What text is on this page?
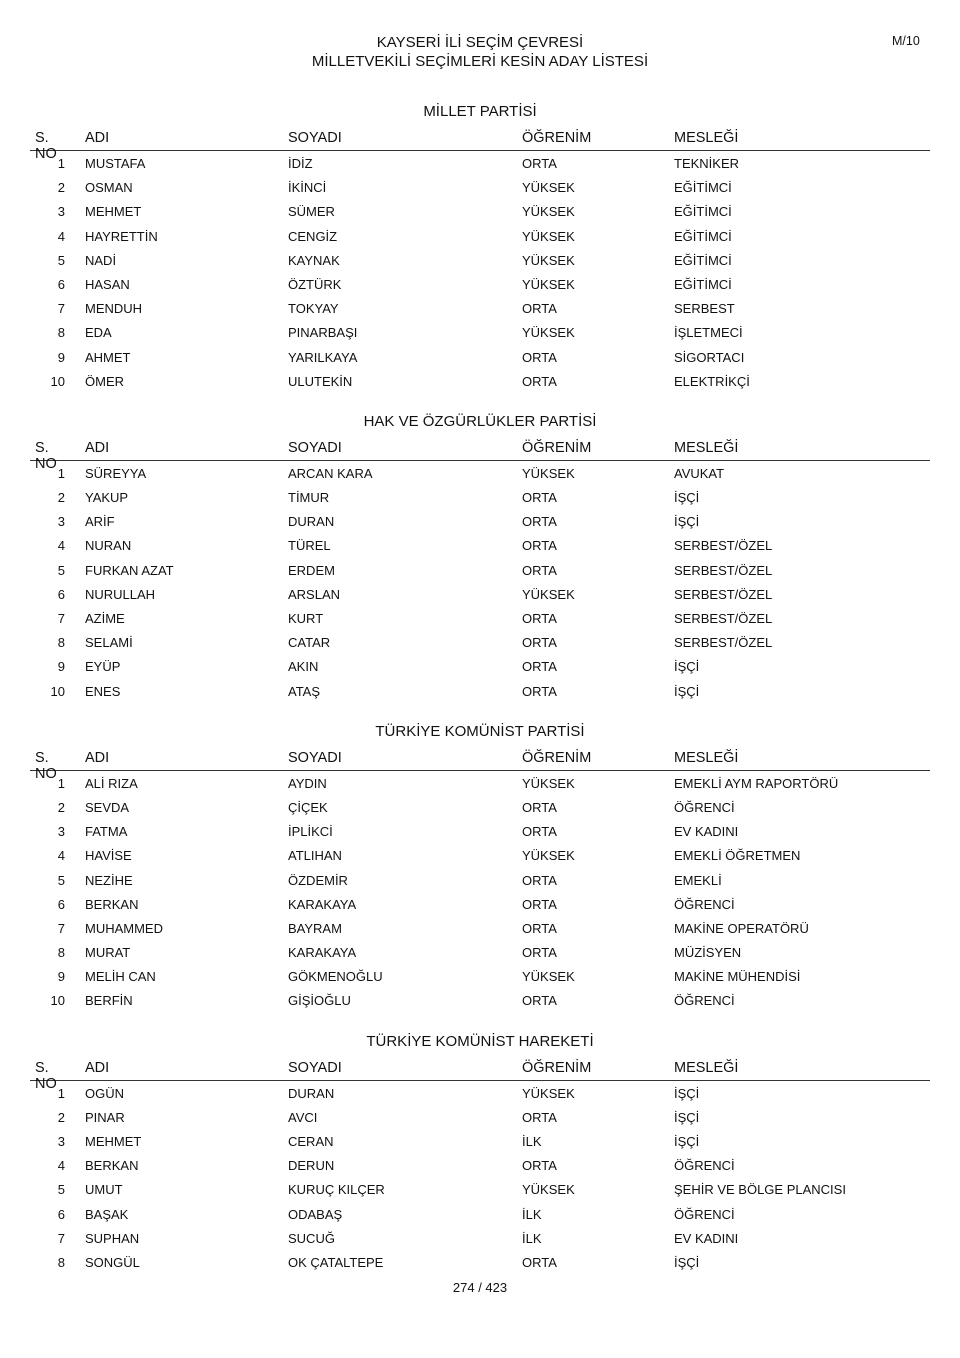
M/10
KAYSERİ İLİ SEÇİM ÇEVRESİ
MİLLETVEKİLİ SEÇİMLERİ KESİN ADAY LİSTESİ
MİLLET PARTİSİ
S. NO
ADI	SOYADI	ÖĞRENİM	MESLEĞİ
1 MUSTAFA	İDİZ	ORTA	TEKNİKER
2 OSMAN	İKİNCİ	YÜKSEK	EĞİTİMCİ
3 MEHMET	SÜMER	YÜKSEK	EĞİTİMCİ
4 HAYRETTİN	CENGİZ	YÜKSEK	EĞİTİMCİ
5 NADİ	KAYNAK	YÜKSEK	EĞİTİMCİ
6 HASAN	ÖZTÜRK	YÜKSEK	EĞİTİMCİ
7 MENDUH	TOKYAY	ORTA	SERBEST
8 EDA	PINARBAŞI	YÜKSEK	İŞLETMECİ
9 AHMET	YARILKAYA	ORTA	SİGORTACI
10 ÖMER	ULUTEKİN	ORTA	ELEKTRİKÇİ
HAK VE ÖZGÜRLÜKLER PARTİSİ
S. NO
ADI	SOYADI	ÖĞRENİM	MESLEĞİ
1 SÜREYYA	ARCAN KARA	YÜKSEK	AVUKAT
2 YAKUP	TİMUR	ORTA	İŞÇİ
3 ARİF	DURAN	ORTA	İŞÇİ
4 NURAN	TÜREL	ORTA	SERBEST/ÖZEL
5 FURKAN AZAT	ERDEM	ORTA	SERBEST/ÖZEL
6 NURULLAH	ARSLAN	YÜKSEK	SERBEST/ÖZEL
7 AZİME	KURT	ORTA	SERBEST/ÖZEL
8 SELAMİ	CATAR	ORTA	SERBEST/ÖZEL
9 EYÜP	AKIN	ORTA	İŞÇİ
10 ENES	ATAŞ	ORTA	İŞÇİ
TÜRKİYE KOMÜNİST PARTİSİ
S. NO
ADI	SOYADI	ÖĞRENİM	MESLEĞİ
1 ALİ RIZA	AYDIN	YÜKSEK	EMEKLİ AYM RAPORTÖRÜ
2 SEVDA	ÇİÇEK	ORTA	ÖĞRENCİ
3 FATMA	İPLİKCİ	ORTA	EV KADINI
4 HAVİSE	ATLIHAN	YÜKSEK	EMEKLİ ÖĞRETMEN
5 NEZİHE	ÖZDEMİR	ORTA	EMEKLİ
6 BERKAN	KARAKAYA	ORTA	ÖĞRENCİ
7 MUHAMMED	BAYRAM	ORTA	MAKİNE OPERATÖRÜ
8 MURAT	KARAKAYA	ORTA	MÜZİSYEN
9 MELİH CAN	GÖKMENOĞLU	YÜKSEK	MAKİNE MÜHENDİSİ
10 BERFİN	GİŞİOĞLU	ORTA	ÖĞRENCİ
TÜRKİYE KOMÜNİST HAREKETİ
S. NO
ADI	SOYADI	ÖĞRENİM	MESLEĞİ
1 OGÜN	DURAN	YÜKSEK	İŞÇİ
2 PINAR	AVCI	ORTA	İŞÇİ
3 MEHMET	CERAN	İLK	İŞÇİ
4 BERKAN	DERUN	ORTA	ÖĞRENCİ
5 UMUT	KURUÇ KILÇER	YÜKSEK	ŞEHİR VE BÖLGE PLANCISI
6 BAŞAK	ODABAŞ	İLK	ÖĞRENCİ
7 SUPHAN	SUCUĞ	İLK	EV KADINI
8 SONGÜL	OK ÇATALTEPE	ORTA	İŞÇİ
274 / 423
